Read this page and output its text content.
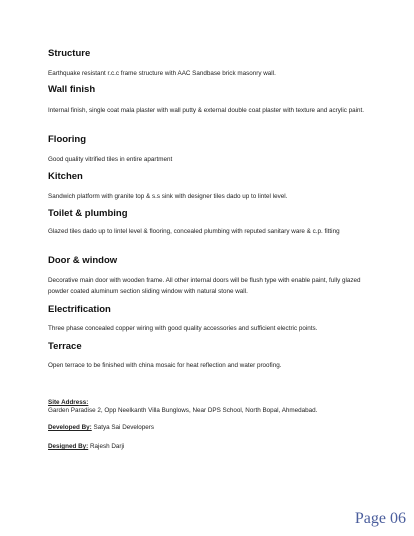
Structure

Earthquake resistant r.c.c frame structure with AAC Sandbase brick masonry wall.

Wall finish

Internal finish, single coat mala plaster with wall putty & external double coat plaster with texture and acrylic paint.

Flooring

Good quality vitrified tiles in entire apartment

Kitchen

Sandwich platform with granite top & s.s sink with designer tiles dado up to lintel level.

Toilet & plumbing

Glazed tiles dado up to lintel level & flooring, concealed plumbing with reputed sanitary ware & c.p. fitting

Door & window

Decorative main door with wooden frame. All other internal doors will be flush type with enable paint, fully glazed powder coated aluminum section sliding window with natural stone wall.

Electrification

Three phase concealed copper wiring with good quality accessories and sufficient electric points.

Terrace

Open terrace to be finished with china mosaic for heat reflection and water proofing.

Site Address:

Garden Paradise 2, Opp Neelkanth Villa Bunglows, Near DPS School, North Bopal, Ahmedabad.

Developed By: Satya Sai Developers

Designed By: Rajesh Darji

Page 06
